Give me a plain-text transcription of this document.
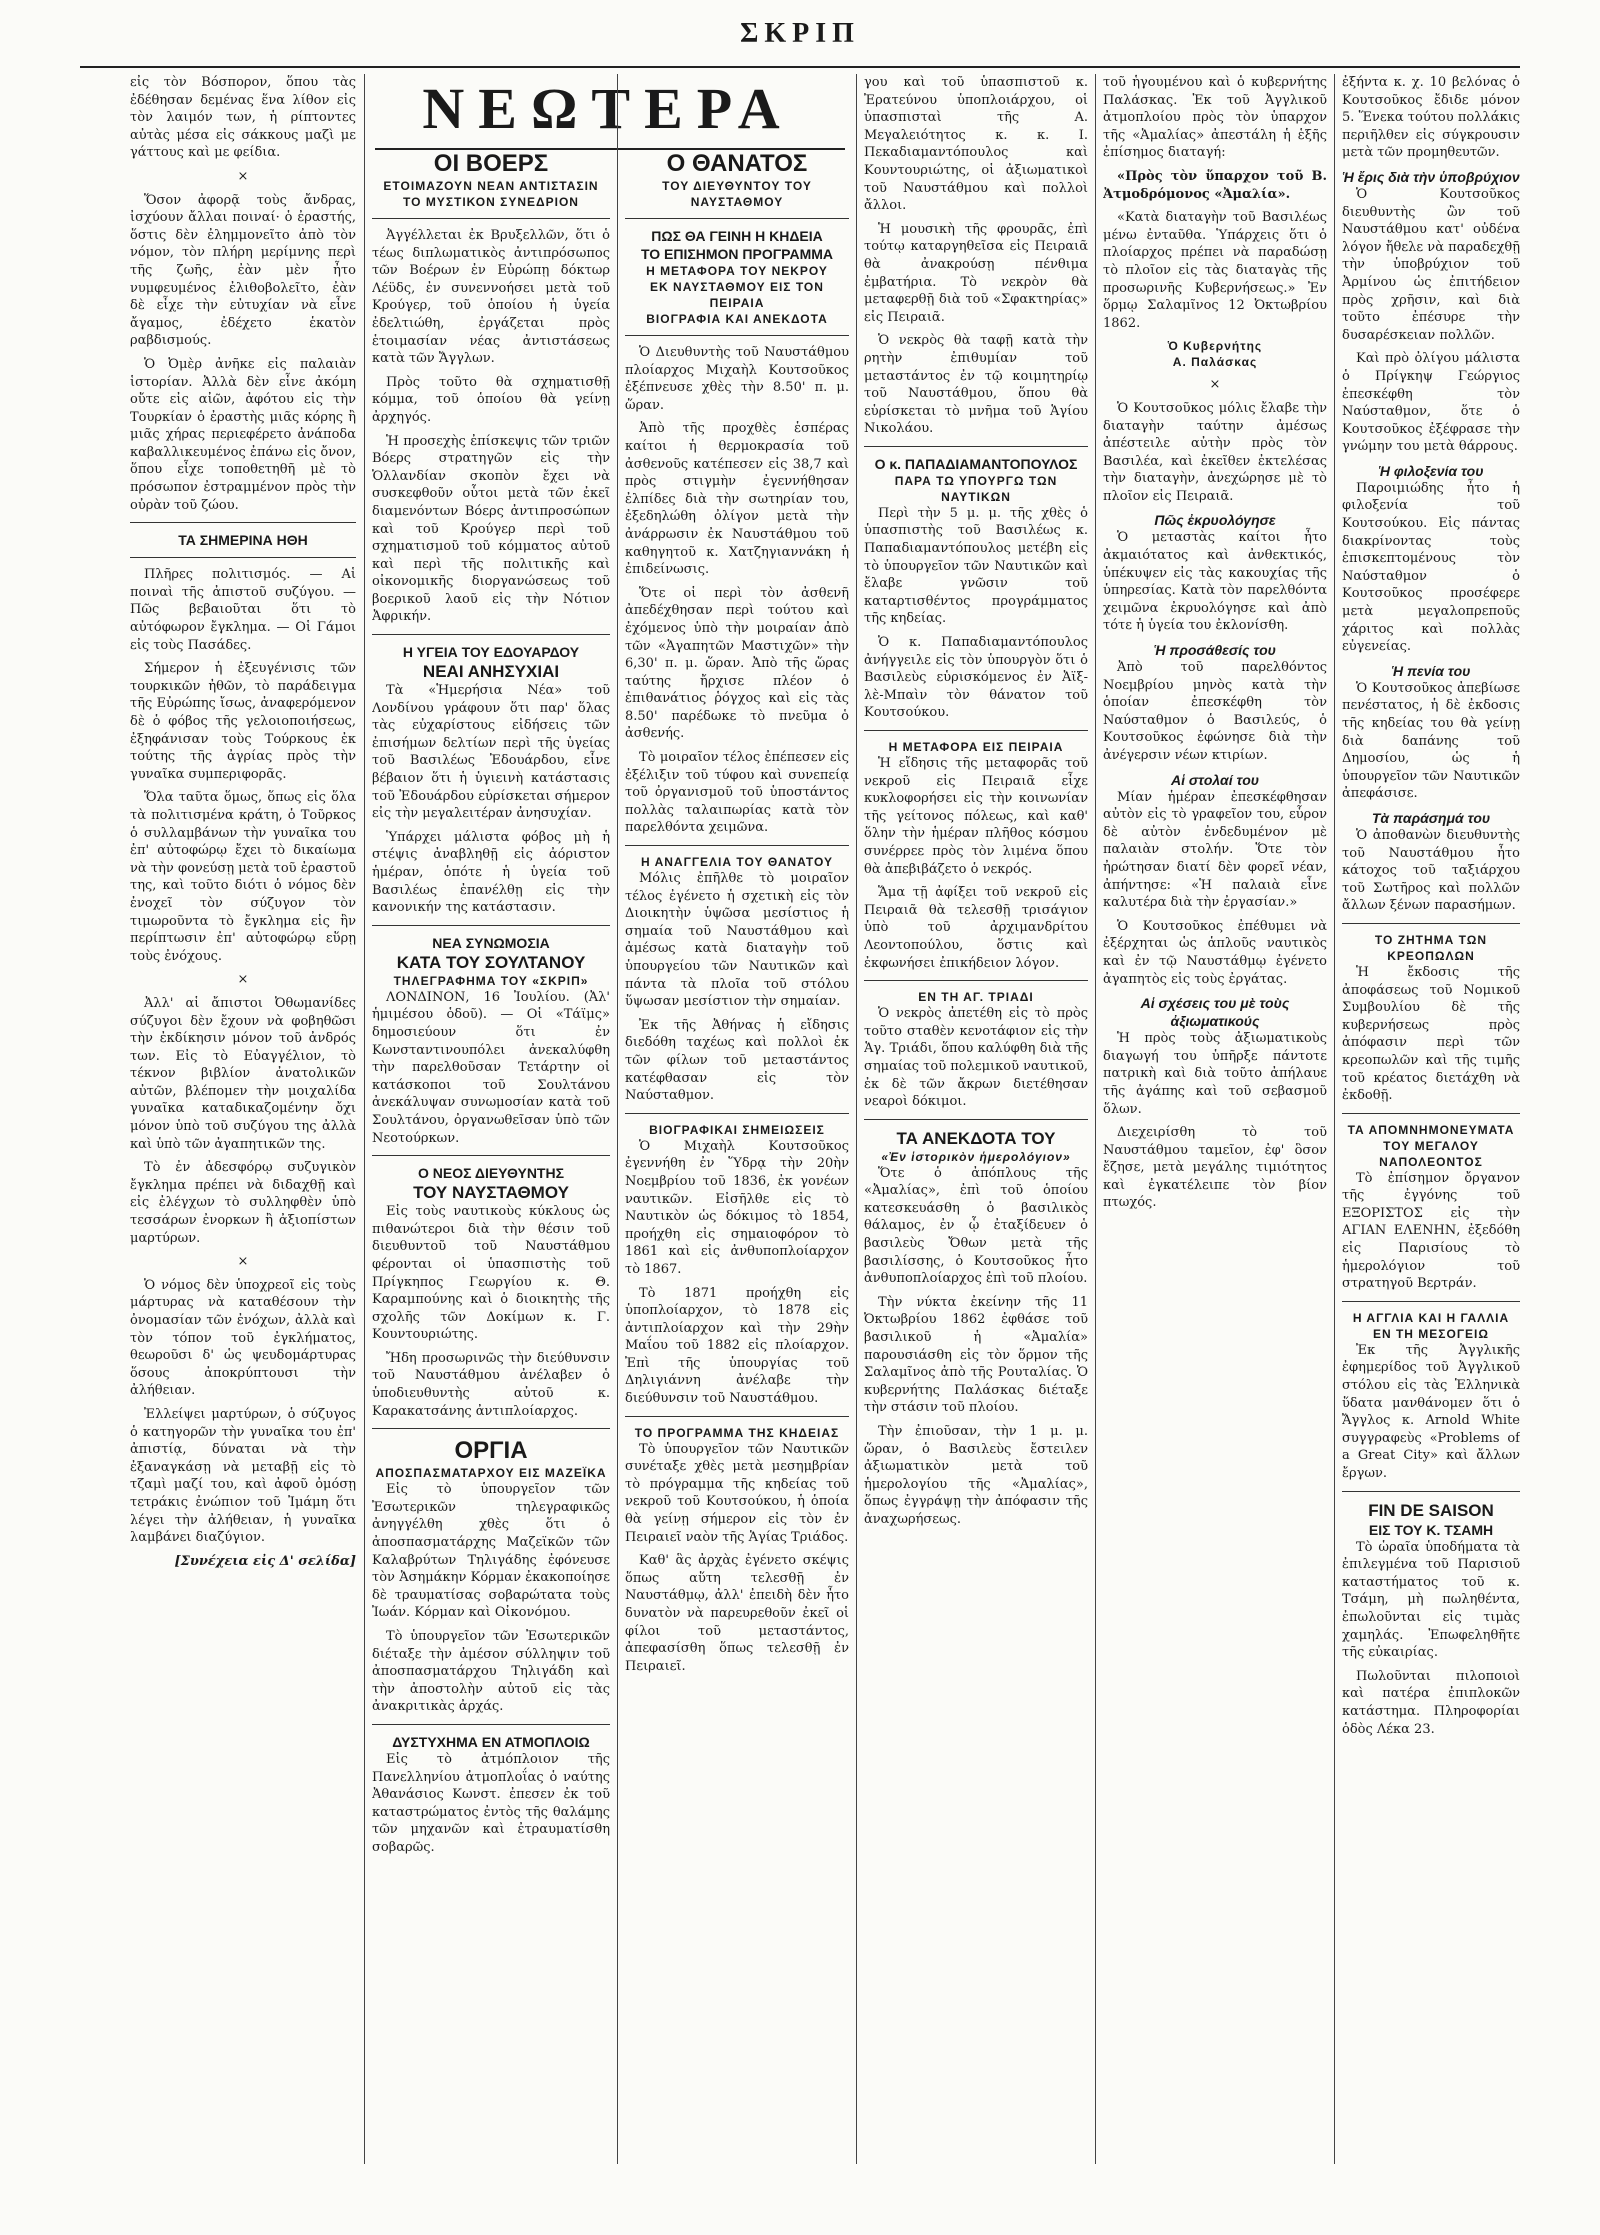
ΣΚΡΙΠ
ΝΕΩΤΕΡΑ

εἰς τὸν Βόσπορον, ὅπου τὰς ἐδέθησαν δεμένας ἕνα λίθον εἰς τὸν λαιμόν των, ἡ ρίπτοντες αὐτὰς μέσα εἰς σάκκους μαζὶ με γάττους καὶ με φείδια.

×

Ὅσον ἀφορᾷ τοὺς ἄνδρας, ἰσχύουν ἄλλαι ποιναί· ὁ ἐραστής, ὅστις δὲν ἐλημμονεῖτο ἀπὸ τὸν νόμον, τὸν πλήρη μερίμνης περὶ τῆς ζωῆς, ἐὰν μὲν ἦτο νυμφευμένος ἐλιθοβολεῖτο, ἐὰν δὲ εἶχε τὴν εὐτυχίαν νὰ εἶνε ἄγαμος, ἐδέχετο ἑκατὸν ραβδισμούς.

Ὁ Ὀμὲρ ἀνῆκε εἰς παλαιὰν ἱστορίαν. Ἀλλὰ δὲν εἶνε ἀκόμη οὔτε εἰς αἰῶν, ἀφότου εἰς τὴν Τουρκίαν ὁ ἐραστὴς μιᾶς κόρης ἢ μιᾶς χήρας περιεφέρετο ἀνάποδα καβαλλικευμένος ἐπάνω εἰς ὄνον, ὅπου εἶχε τοποθετηθῆ μὲ τὸ πρόσωπον ἐστραμμένον πρὸς τὴν οὐρὰν τοῦ ζώου.

ΤΑ ΣΗΜΕΡΙΝΑ ΗΘΗ

Πλῆρες πολιτισμός. — Αἱ ποιναὶ τῆς ἀπιστοῦ συζύγου. — Πῶς βεβαιοῦται ὅτι τὸ αὐτόφωρον ἔγκλημα. — Οἱ Γάμοι εἰς τοὺς Πασάδες.

Σήμερον ἡ ἐξευγένισις τῶν τουρκικῶν ἠθῶν, τὸ παράδειγμα τῆς Εὐρώπης ἴσως, ἀναφερόμενον δὲ ὁ φόβος τῆς γελοιοποιήσεως, ἐξηφάνισαν τοὺς Τούρκους ἐκ τούτης τῆς ἀγρίας πρὸς τὴν γυναῖκα συμπεριφορᾶς.

Ὅλα ταῦτα ὅμως, ὅπως εἰς ὅλα τὰ πολιτισμένα κράτη, ὁ Τοῦρκος ὁ συλλαμβάνων τὴν γυναῖκα του ἐπ' αὐτοφώρῳ ἔχει τὸ δικαίωμα νὰ τὴν φονεύσῃ μετὰ τοῦ ἐραστοῦ της, καὶ τοῦτο διότι ὁ νόμος δὲν ἐνοχεῖ τὸν σύζυγον τὸν τιμωροῦντα τὸ ἔγκλημα εἰς ἣν περίπτωσιν ἐπ' αὐτοφώρῳ εὕρῃ τοὺς ἐνόχους.

×

Ἀλλ' αἱ ἄπιστοι Ὀθωμανίδες σύζυγοι δὲν ἔχουν νὰ φοβηθῶσι τὴν ἐκδίκησιν μόνον τοῦ ἀνδρός των. Εἰς τὸ Εὐαγγέλιον, τὸ τέκνον βιβλίον ἀνατολικῶν αὐτῶν, βλέπομεν τὴν μοιχαλίδα γυναῖκα καταδικαζομένην ὄχι μόνον ὑπὸ τοῦ συζύγου της ἀλλὰ καὶ ὑπὸ τῶν ἀγαπητικῶν της.

Τὸ ἐν ἀδεσφόρῳ συζυγικὸν ἔγκλημα πρέπει νὰ διδαχθῇ καὶ εἰς ἐλέγχων τὸ συλληφθὲν ὑπὸ τεσσάρων ἐνορκων ἢ ἀξιοπίστων μαρτύρων.

×

Ὁ νόμος δὲν ὑποχρεοῖ εἰς τοὺς μάρτυρας νὰ καταθέσουν τὴν ὀνομασίαν τῶν ἐνόχων, ἀλλὰ καὶ τὸν τόπον τοῦ ἐγκλήματος, θεωροῦσι δ' ὡς ψευδομάρτυρας ὅσους ἀποκρύπτουσι τὴν ἀλήθειαν.

Ἐλλείψει μαρτύρων, ὁ σύζυγος ὁ κατηγορῶν τὴν γυναῖκα του ἐπ' ἀπιστίᾳ, δύναται νὰ τὴν ἐξαναγκάσῃ νὰ μεταβῇ εἰς τὸ τζαμὶ μαζί του, καὶ ἀφοῦ ὀμόσῃ τετράκις ἐνώπιον τοῦ Ἰμάμη ὅτι λέγει τὴν ἀλήθειαν, ἡ γυναῖκα λαμβάνει διαζύγιον.

[Συνέχεια εἰς Δ' σελίδα]
ΟΙ ΒΟΕΡΣ
ΕΤΟΙΜΑΖΟΥΝ ΝΕΑΝ ΑΝΤΙΣΤΑΣΙΝ
ΤΟ ΜΥΣΤΙΚΟΝ ΣΥΝΕΔΡΙΟΝ

Ἀγγέλλεται ἐκ Βρυξελλῶν, ὅτι ὁ τέως διπλωματικὸς ἀντιπρόσωπος τῶν Βοέρων ἐν Εὐρώπῃ δόκτωρ Λέϋδς, ἐν συνεννοήσει μετὰ τοῦ Κρούγερ, τοῦ ὁποίου ἡ ὑγεία ἐδελτιώθη, ἐργάζεται πρὸς ἑτοιμασίαν νέας ἀντιστάσεως κατὰ τῶν Ἄγγλων.

Πρὸς τοῦτο θὰ σχηματισθῇ κόμμα, τοῦ ὁποίου θὰ γείνῃ ἀρχηγός.

Ἡ προσεχὴς ἐπίσκεψις τῶν τριῶν Βόερς στρατηγῶν εἰς τὴν Ὁλλανδίαν σκοπὸν ἔχει νὰ συσκεφθοῦν οὗτοι μετὰ τῶν ἐκεῖ διαμενόντων Βόερς ἀντιπροσώπων καὶ τοῦ Κρούγερ περὶ τοῦ σχηματισμοῦ τοῦ κόμματος αὐτοῦ καὶ περὶ τῆς πολιτικῆς καὶ οἰκονομικῆς διοργανώσεως τοῦ βοερικοῦ λαοῦ εἰς τὴν Νότιον Ἀφρικήν.

Η ΥΓΕΙΑ ΤΟΥ ΕΔΟΥΑΡΔΟΥ
ΝΕΑΙ ΑΝΗΣΥΧΙΑΙ

Τὰ «Ἡμερήσια Νέα» τοῦ Λονδίνου γράφουν ὅτι παρ' ὅλας τὰς εὐχαρίστους εἰδήσεις τῶν ἐπισήμων δελτίων περὶ τῆς ὑγείας τοῦ Βασιλέως Ἐδουάρδου, εἶνε βέβαιον ὅτι ἡ ὑγιεινὴ κατάστασις τοῦ Ἐδουάρδου εὑρίσκεται σήμερον εἰς τὴν μεγαλειτέραν ἀνησυχίαν.

Ὑπάρχει μάλιστα φόβος μὴ ἡ στέψις ἀναβληθῇ εἰς ἀόριστον ἡμέραν, ὁπότε ἡ ὑγεία τοῦ Βασιλέως ἐπανέλθῃ εἰς τὴν κανονικήν της κατάστασιν.

ΝΕΑ ΣΥΝΩΜΟΣΙΑ
ΚΑΤΑ ΤΟΥ ΣΟΥΛΤΑΝΟΥ
ΤΗΛΕΓΡΑΦΗΜΑ ΤΟΥ «ΣΚΡΙΠ»

ΛΟΝΔΙΝΟΝ, 16 Ἰουλίου. (Ἀλ' ἡμιμέσου ὁδοῦ). — Οἱ «Τάϊμς» δημοσιεύουν ὅτι ἐν Κωνσταντινουπόλει ἀνεκαλύφθη τὴν παρελθοῦσαν Τετάρτην οἱ κατάσκοποι τοῦ Σουλτάνου ἀνεκάλυψαν συνωμοσίαν κατὰ τοῦ Σουλτάνου, ὀργανωθεῖσαν ὑπὸ τῶν Νεοτούρκων.

Ο ΝΕΟΣ ΔΙΕΥΘΥΝΤΗΣ
ΤΟΥ ΝΑΥΣΤΑΘΜΟΥ

Εἰς τοὺς ναυτικοὺς κύκλους ὡς πιθανώτεροι διὰ τὴν θέσιν τοῦ διευθυντοῦ τοῦ Ναυστάθμου φέρονται οἱ ὑπασπιστὴς τοῦ Πρίγκηπος Γεωργίου κ. Θ. Καραμπούνης καὶ ὁ διοικητὴς τῆς σχολῆς τῶν Δοκίμων κ. Γ. Κουντουριώτης.

Ἤδη προσωρινῶς τὴν διεύθυνσιν τοῦ Ναυστάθμου ἀνέλαβεν ὁ ὑποδιευθυντὴς αὐτοῦ κ. Καρακατσάνης ἀντιπλοίαρχος.

ΟΡΓΙΑ
ΑΠΟΣΠΑΣΜΑΤΑΡΧΟΥ ΕΙΣ ΜΑΖΕΪΚΑ

Εἰς τὸ ὑπουργεῖον τῶν Ἐσωτερικῶν τηλεγραφικῶς ἀνηγγέλθη χθὲς ὅτι ὁ ἀποσπασματάρχης Μαζεϊκῶν τῶν Καλαβρύτων Τηλιγάδης ἐφόνευσε τὸν Ἀσημάκην Κόρμαν ἐκακοποίησε δὲ τραυματίσας σοβαρώτατα τοὺς Ἰωάν. Κόρμαν καὶ Οἰκονόμου.

Τὸ ὑπουργεῖον τῶν Ἐσωτερικῶν διέταξε τὴν ἀμέσον σύλληψιν τοῦ ἀποσπασματάρχου Τηλιγάδη καὶ τὴν ἀποστολὴν αὐτοῦ εἰς τὰς ἀνακριτικὰς ἀρχάς.

ΔΥΣΤΥΧΗΜΑ ΕΝ ΑΤΜΟΠΛΟΙΩ

Εἰς τὸ ἀτμόπλοιον τῆς Πανελληνίου ἀτμοπλοΐας ὁ ναύτης Ἀθανάσιος Κωνστ. ἐπεσεν ἐκ τοῦ καταστρώματος ἐντὸς τῆς θαλάμης τῶν μηχανῶν καὶ ἐτραυματίσθη σοβαρῶς.

Ο ΘΑΝΑΤΟΣ
ΤΟΥ ΔΙΕΥΘΥΝΤΟΥ ΤΟΥ ΝΑΥΣΤΑΘΜΟΥ
ΠΩΣ ΘΑ ΓΕΙΝΗ Η ΚΗΔΕΙΑ
ΤΟ ΕΠΙΣΗΜΟΝ ΠΡΟΓΡΑΜΜΑ
Η ΜΕΤΑΦΟΡΑ ΤΟΥ ΝΕΚΡΟΥ
ΕΚ ΝΑΥΣΤΑΘΜΟΥ ΕΙΣ ΤΟΝ ΠΕΙΡΑΙΑ
ΒΙΟΓΡΑΦΙΑ ΚΑΙ ΑΝΕΚΔΟΤΑ

Ὁ Διευθυντὴς τοῦ Ναυστάθμου πλοίαρχος Μιχαὴλ Κουτσοῦκος ἐξέπνευσε χθὲς τὴν 8.50' π. μ. ὥραν.

Ἀπὸ τῆς προχθὲς ἑσπέρας καίτοι ἡ θερμοκρασία τοῦ ἀσθενοῦς κατέπεσεν εἰς 38,7 καὶ πρὸς στιγμὴν ἐγεννήθησαν ἐλπίδες διὰ τὴν σωτηρίαν του, ἐξεδηλώθη ὀλίγον μετὰ τὴν ἀνάρρωσιν ἐκ Ναυστάθμου τοῦ καθηγητοῦ κ. Χατζηγιαννάκη ἡ ἐπιδείνωσις.

Ὅτε οἱ περὶ τὸν ἀσθενῆ ἀπεδέχθησαν περὶ τούτου καὶ ἐχόμενος ὑπὸ τὴν μοιραίαν ἀπὸ τῶν «Ἀγαπητῶν Μαστιχῶν» τὴν 6,30' π. μ. ὥραν. Ἀπὸ τῆς ὥρας ταύτης ἤρχισε πλέον ὁ ἐπιθανάτιος ῥόγχος καὶ εἰς τὰς 8.50' παρέδωκε τὸ πνεῦμα ὁ ἀσθενής.

Τὸ μοιραῖον τέλος ἐπέπεσεν εἰς ἐξέλιξιν τοῦ τύφου καὶ συνεπείᾳ τοῦ ὀργανισμοῦ τοῦ ὑποστάντος πολλὰς ταλαιπωρίας κατὰ τὸν παρελθόντα χειμῶνα.

Η ΑΝΑΓΓΕΛΙΑ ΤΟΥ ΘΑΝΑΤΟΥ

Μόλις ἐπῆλθε τὸ μοιραῖον τέλος ἐγένετο ἡ σχετικὴ εἰς τὸν Διοικητὴν ὑψῶσα μεσίστιος ἡ σημαία τοῦ Ναυστάθμου καὶ ἀμέσως κατὰ διαταγὴν τοῦ ὑπουργείου τῶν Ναυτικῶν καὶ πάντα τὰ πλοῖα τοῦ στόλου ὕψωσαν μεσίστιον τὴν σημαίαν.

Ἐκ τῆς Ἀθήνας ἡ εἴδησις διεδόθη ταχέως καὶ πολλοὶ ἐκ τῶν φίλων τοῦ μεταστάντος κατέφθασαν εἰς τὸν Ναύσταθμον.

ΒΙΟΓΡΑΦΙΚΑΙ ΣΗΜΕΙΩΣΕΙΣ

Ὁ Μιχαὴλ Κουτσοῦκος ἐγεννήθη ἐν Ὕδρᾳ τὴν 20ὴν Νοεμβρίου τοῦ 1836, ἐκ γονέων ναυτικῶν. Εἰσῆλθε εἰς τὸ Ναυτικὸν ὡς δόκιμος τὸ 1854, προήχθη εἰς σημαιοφόρον τὸ 1861 καὶ εἰς ἀνθυποπλοίαρχον τὸ 1867.

Τὸ 1871 προήχθη εἰς ὑποπλοίαρχον, τὸ 1878 εἰς ἀντιπλοίαρχον καὶ τὴν 29ὴν Μαΐου τοῦ 1882 εἰς πλοίαρχον. Ἐπὶ τῆς ὑπουργίας τοῦ Δηλιγιάννη ἀνέλαβε τὴν διεύθυνσιν τοῦ Ναυστάθμου.

ΤΟ ΠΡΟΓΡΑΜΜΑ ΤΗΣ ΚΗΔΕΙΑΣ

Τὸ ὑπουργεῖον τῶν Ναυτικῶν συνέταξε χθὲς μετὰ μεσημβρίαν τὸ πρόγραμμα τῆς κηδείας τοῦ νεκροῦ τοῦ Κουτσούκου, ἡ ὁποία θὰ γείνῃ σήμερον εἰς τὸν ἐν Πειραιεῖ ναὸν τῆς Ἁγίας Τριάδος.

Καθ' ἃς ἀρχὰς ἐγένετο σκέψις ὅπως αὕτη τελεσθῇ ἐν Ναυστάθμῳ, ἀλλ' ἐπειδὴ δὲν ἦτο δυνατὸν νὰ παρευρεθοῦν ἐκεῖ οἱ φίλοι τοῦ μεταστάντος, ἀπεφασίσθη ὅπως τελεσθῇ ἐν Πειραιεῖ.

γου καὶ τοῦ ὑπασπιστοῦ κ. Ἐρατεύνου ὑποπλοιάρχου, οἱ ὑπασπισταὶ τῆς Α. Μεγαλειότητος κ. κ. Ι. Πεκαδιαμαντόπουλος καὶ Κουντουριώτης, οἱ ἀξιωματικοὶ τοῦ Ναυστάθμου καὶ πολλοὶ ἄλλοι.

Ἡ μουσικὴ τῆς φρουρᾶς, ἐπὶ τούτῳ καταργηθεῖσα εἰς Πειραιᾶ θὰ ἀνακρούσῃ πένθιμα ἐμβατήρια. Τὸ νεκρὸν θὰ μεταφερθῇ διὰ τοῦ «Σφακτηρίας» εἰς Πειραιᾶ.

Ὁ νεκρὸς θὰ ταφῇ κατὰ τὴν ρητὴν ἐπιθυμίαν τοῦ μεταστάντος ἐν τῷ κοιμητηρίῳ τοῦ Ναυστάθμου, ὅπου θὰ εὑρίσκεται τὸ μνῆμα τοῦ Ἁγίου Νικολάου.

Ο κ. ΠΑΠΑΔΙΑΜΑΝΤΟΠΟΥΛΟΣ
ΠΑΡΑ ΤΩ ΥΠΟΥΡΓΩ ΤΩΝ ΝΑΥΤΙΚΩΝ

Περὶ τὴν 5 μ. μ. τῆς χθὲς ὁ ὑπασπιστὴς τοῦ Βασιλέως κ. Παπαδιαμαντόπουλος μετέβη εἰς τὸ ὑπουργεῖον τῶν Ναυτικῶν καὶ ἔλαβε γνῶσιν τοῦ καταρτισθέντος προγράμματος τῆς κηδείας.

Ὁ κ. Παπαδιαμαντόπουλος ἀνήγγειλε εἰς τὸν ὑπουργὸν ὅτι ὁ Βασιλεὺς εὑρισκόμενος ἐν Ἀϊξ-λὲ-Μπαὶν τὸν θάνατον τοῦ Κουτσούκου.

Η ΜΕΤΑΦΟΡΑ ΕΙΣ ΠΕΙΡΑΙΑ

Ἡ εἴδησις τῆς μεταφορᾶς τοῦ νεκροῦ εἰς Πειραιᾶ εἶχε κυκλοφορήσει εἰς τὴν κοινωνίαν τῆς γείτονος πόλεως, καὶ καθ' ὅλην τὴν ἡμέραν πλῆθος κόσμου συνέρρεε πρὸς τὸν λιμένα ὅπου θὰ ἀπεβιβάζετο ὁ νεκρός.

Ἅμα τῇ ἀφίξει τοῦ νεκροῦ εἰς Πειραιᾶ θὰ τελεσθῇ τρισάγιον ὑπὸ τοῦ ἀρχιμανδρίτου Λεοντοπούλου, ὅστις καὶ ἐκφωνήσει ἐπικήδειον λόγον.

ΕΝ ΤΗ ΑΓ. ΤΡΙΑΔΙ

Ὁ νεκρὸς ἀπετέθη εἰς τὸ πρὸς τοῦτο σταθὲν κενοτάφιον εἰς τὴν Ἁγ. Τριάδι, ὅπου καλύφθη διὰ τῆς σημαίας τοῦ πολεμικοῦ ναυτικοῦ, ἐκ δὲ τῶν ἄκρων διετέθησαν νεαροὶ δόκιμοι.

ΤΑ ΑΝΕΚΔΟΤΑ ΤΟΥ
«Ἐν ἱστορικὸν ἡμερολόγιον»

Ὅτε ὁ ἀπόπλους τῆς «Ἀμαλίας», ἐπὶ τοῦ ὁποίου κατεσκευάσθη ὁ βασιλικὸς θάλαμος, ἐν ᾧ ἐταξίδευεν ὁ βασιλεὺς Ὄθων μετὰ τῆς βασιλίσσης, ὁ Κουτσοῦκος ἦτο ἀνθυποπλοίαρχος ἐπὶ τοῦ πλοίου.

Τὴν νύκτα ἐκείνην τῆς 11 Ὀκτωβρίου 1862 ἐφθάσε τοῦ βασιλικοῦ ἡ «Ἀμαλία» παρουσιάσθη εἰς τὸν ὅρμον τῆς Σαλαμῖνος ἀπὸ τῆς Ρουταλίας. Ὁ κυβερνήτης Παλάσκας διέταξε τὴν στάσιν τοῦ πλοίου.

Τὴν ἐπιοῦσαν, τὴν 1 μ. μ. ὥραν, ὁ Βασιλεὺς ἔστειλεν ἀξιωματικὸν μετὰ τοῦ ἡμερολογίου τῆς «Ἀμαλίας», ὅπως ἐγγράψῃ τὴν ἀπόφασιν τῆς ἀναχωρήσεως.

τοῦ ἡγουμένου καὶ ὁ κυβερνήτης Παλάσκας. Ἐκ τοῦ Ἀγγλικοῦ ἀτμοπλοίου πρὸς τὸν ὑπαρχον τῆς «Ἀμαλίας» ἀπεστάλη ἡ ἑξῆς ἐπίσημος διαταγή:

«Πρὸς τὸν ὕπαρχον τοῦ Β. Ἀτμοδρόμονος «Ἀμαλία».

«Κατὰ διαταγὴν τοῦ Βασιλέως μένω ἐνταῦθα. Ὑπάρχεις ὅτι ὁ πλοίαρχος πρέπει νὰ παραδώσῃ τὸ πλοῖον εἰς τὰς διαταγὰς τῆς προσωρινῆς Κυβερνήσεως.» Ἐν ὅρμῳ Σαλαμῖνος 12 Ὀκτωβρίου 1862.

Ὁ Κυβερνήτης
Α. Παλάσκας
×

Ὁ Κουτσοῦκος μόλις ἔλαβε τὴν διαταγὴν ταύτην ἀμέσως ἀπέστειλε αὐτὴν πρὸς τὸν Βασιλέα, καὶ ἐκεῖθεν ἐκτελέσας τὴν διαταγὴν, ἀνεχώρησε μὲ τὸ πλοῖον εἰς Πειραιᾶ.

Πῶς ἐκρυολόγησε

Ὁ μεταστὰς καίτοι ἦτο ἀκμαιότατος καὶ ἀνθεκτικός, ὑπέκυψεν εἰς τὰς κακουχίας τῆς ὑπηρεσίας. Κατὰ τὸν παρελθόντα χειμῶνα ἐκρυολόγησε καὶ ἀπὸ τότε ἡ ὑγεία του ἐκλονίσθη.

Ἡ προσάθεσίς του

Ἀπὸ τοῦ παρελθόντος Νοεμβρίου μηνὸς κατὰ τὴν ὁποίαν ἐπεσκέφθη τὸν Ναύσταθμον ὁ Βασιλεύς, ὁ Κουτσοῦκος ἐφώνησε διὰ τὴν ἀνέγερσιν νέων κτιρίων.

Αἱ στολαί του

Μίαν ἡμέραν ἐπεσκέφθησαν αὐτὸν εἰς τὸ γραφεῖον του, εὗρον δὲ αὐτὸν ἐνδεδυμένον μὲ παλαιὰν στολήν. Ὅτε τὸν ἠρώτησαν διατί δὲν φορεῖ νέαν, ἀπήντησε: «Ἡ παλαιὰ εἶνε καλυτέρα διὰ τὴν ἐργασίαν.»

Ὁ Κουτσοῦκος ἐπέθυμει νὰ ἐξέρχηται ὡς ἁπλοῦς ναυτικὸς καὶ ἐν τῷ Ναυστάθμῳ ἐγένετο ἀγαπητὸς εἰς τοὺς ἐργάτας.

Αἱ σχέσεις του μὲ τοὺς ἀξιωματικούς

Ἡ πρὸς τοὺς ἀξιωματικοὺς διαγωγή του ὑπῆρξε πάντοτε πατρικὴ καὶ διὰ τοῦτο ἀπήλαυε τῆς ἀγάπης καὶ τοῦ σεβασμοῦ ὅλων.

Διεχειρίσθη τὸ τοῦ Ναυστάθμου ταμεῖον, ἐφ' ὃσον ἔζησε, μετὰ μεγάλης τιμιότητος καὶ ἐγκατέλειπε τὸν βίον πτωχός.

ἐξήντα κ. χ. 10 βελόνας ὁ Κουτσοῦκος ἔδιδε μόνον 5. Ἕνεκα τούτου πολλάκις περιῆλθεν εἰς σύγκρουσιν μετὰ τῶν προμηθευτῶν.

Ἡ ἔρις διὰ τὴν ὑποβρύχιον

Ὁ Κουτσοῦκος διευθυντὴς ὢν τοῦ Ναυστάθμου κατ' οὐδένα λόγον ἤθελε νὰ παραδεχθῇ τὴν ὑποβρύχιον τοῦ Ἀρμίνου ὡς ἐπιτήδειον πρὸς χρῆσιν, καὶ διὰ τοῦτο ἐπέσυρε τὴν δυσαρέσκειαν πολλῶν.

Καὶ πρὸ ὀλίγου μάλιστα ὁ Πρίγκηψ Γεώργιος ἐπεσκέφθη τὸν Ναύσταθμον, ὅτε ὁ Κουτσοῦκος ἐξέφρασε τὴν γνώμην του μετὰ θάρρους.

Ἡ φιλοξενία του

Παροιμιώδης ἦτο ἡ φιλοξενία τοῦ Κουτσούκου. Εἰς πάντας διακρίνοντας τοὺς ἐπισκεπτομένους τὸν Ναύσταθμον ὁ Κουτσοῦκος προσέφερε μετὰ μεγαλοπρεποῦς χάριτος καὶ πολλὰς εὐγενείας.

Ἡ πενία του

Ὁ Κουτσοῦκος ἀπεβίωσε πενέστατος, ἡ δὲ ἐκδοσις τῆς κηδείας του θὰ γείνῃ διὰ δαπάνης τοῦ Δημοσίου, ὡς ἡ ὑπουργεῖον τῶν Ναυτικῶν ἀπεφάσισε.

Τὰ παράσημά του

Ὁ ἀποθανὼν διευθυντὴς τοῦ Ναυστάθμου ἦτο κάτοχος τοῦ ταξιάρχου τοῦ Σωτῆρος καὶ πολλῶν ἄλλων ξένων παρασήμων.

ΤΟ ΖΗΤΗΜΑ ΤΩΝ ΚΡΕΟΠΩΛΩΝ

Ἡ ἔκδοσις τῆς ἀποφάσεως τοῦ Νομικοῦ Συμβουλίου δὲ τῆς κυβερνήσεως πρὸς ἀπόφασιν περὶ τῶν κρεοπωλῶν καὶ τῆς τιμῆς τοῦ κρέατος διετάχθη νὰ ἐκδοθῇ.

ΤΑ ΑΠΟΜΝΗΜΟΝΕΥΜΑΤΑ
ΤΟΥ ΜΕΓΑΛΟΥ ΝΑΠΟΛΕΟΝΤΟΣ

Τὸ ἐπίσημον ὄργανον τῆς ἐγγόνης τοῦ ΕΞΟΡΙΣΤΟΣ εἰς τὴν ΑΓΙΑΝ ΕΛΕΝΗΝ, ἐξεδόθη εἰς Παρισίους τὸ ἡμερολόγιον τοῦ στρατηγοῦ Βερτράν.

Η ΑΓΓΛΙΑ ΚΑΙ Η ΓΑΛΛΙΑ ΕΝ ΤΗ ΜΕΣΟΓΕΙΩ

Ἐκ τῆς Ἀγγλικῆς ἐφημερίδος τοῦ Ἀγγλικοῦ στόλου εἰς τὰς Ἑλληνικὰ ὕδατα μανθάνομεν ὅτι ὁ Ἄγγλος κ. Arnold White συγγραφεὺς «Problems of a Great City» καὶ ἄλλων ἔργων.

FIN DE SAISON
ΕΙΣ ΤΟΥ Κ. ΤΣΑΜΗ

Τὸ ὡραῖα ὑποδήματα τὰ ἐπιλεγμένα τοῦ Παρισιοῦ καταστήματος τοῦ κ. Τσάμη, μὴ πωληθέντα, ἐπωλοῦνται εἰς τιμὰς χαμηλάς. Ἐπωφεληθῆτε τῆς εὐκαιρίας.

Πωλοῦνται πιλοποιοὶ καὶ πατέρα ἐπιπλοκῶν κατάστημα. Πληροφορίαι ὁδὸς Λέκα 23.
